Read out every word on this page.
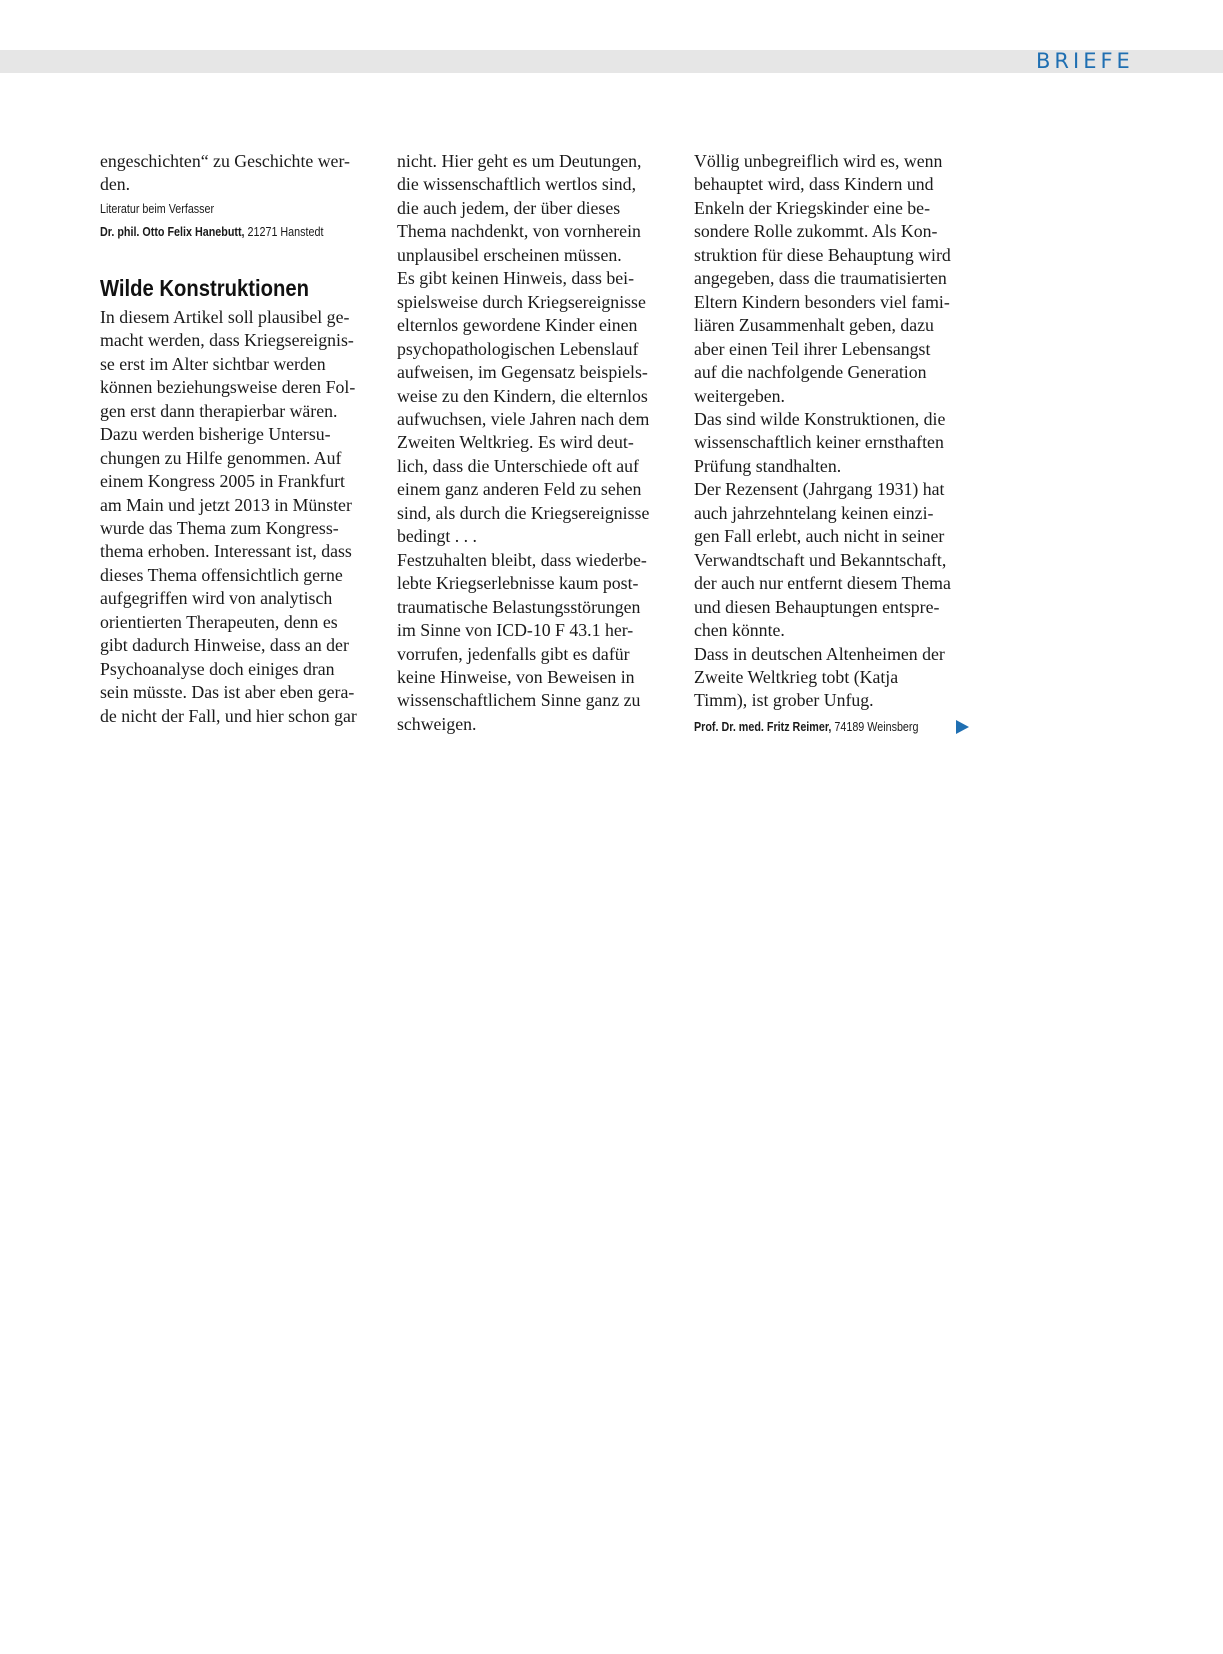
BRIEFE
engeschichten“ zu Geschichte wer-
den.
Literatur beim Verfasser
Dr. phil. Otto Felix Hanebutt, 21271 Hanstedt
Wilde Konstruktionen
In diesem Artikel soll plausibel ge-
macht werden, dass Kriegsereignis-
se erst im Alter sichtbar werden
können beziehungsweise deren Fol-
gen erst dann therapierbar wären.
Dazu werden bisherige Untersu-
chungen zu Hilfe genommen. Auf
einem Kongress 2005 in Frankfurt
am Main und jetzt 2013 in Münster
wurde das Thema zum Kongress-
thema erhoben. Interessant ist, dass
dieses Thema offensichtlich gerne
aufgegriffen wird von analytisch
orientierten Therapeuten, denn es
gibt dadurch Hinweise, dass an der
Psychoanalyse doch einiges dran
sein müsste. Das ist aber eben gera-
de nicht der Fall, und hier schon gar
nicht. Hier geht es um Deutungen,
die wissenschaftlich wertlos sind,
die auch jedem, der über dieses
Thema nachdenkt, von vornherein
unplausibel erscheinen müssen.
Es gibt keinen Hinweis, dass bei-
spielsweise durch Kriegsereignisse
elternlos gewordene Kinder einen
psychopathologischen Lebenslauf
aufweisen, im Gegensatz beispiels-
weise zu den Kindern, die elternlos
aufwuchsen, viele Jahren nach dem
Zweiten Weltkrieg. Es wird deut-
lich, dass die Unterschiede oft auf
einem ganz anderen Feld zu sehen
sind, als durch die Kriegsereignisse
bedingt . . .
Festzuhalten bleibt, dass wiederbe-
lebte Kriegserlebnisse kaum post-
traumatische Belastungsstörungen
im Sinne von ICD-10 F 43.1 her-
vorrufen, jedenfalls gibt es dafür
keine Hinweise, von Beweisen in
wissenschaftlichem Sinne ganz zu
schweigen.
Völlig unbegreiflich wird es, wenn
behauptet wird, dass Kindern und
Enkeln der Kriegskinder eine be-
sondere Rolle zukommt. Als Kon-
struktion für diese Behauptung wird
angegeben, dass die traumatisierten
Eltern Kindern besonders viel fami-
liären Zusammenhalt geben, dazu
aber einen Teil ihrer Lebensangst
auf die nachfolgende Generation
weitergeben.
Das sind wilde Konstruktionen, die
wissenschaftlich keiner ernsthaften
Prüfung standhalten.
Der Rezensent (Jahrgang 1931) hat
auch jahrzehntelang keinen einzi-
gen Fall erlebt, auch nicht in seiner
Verwandtschaft und Bekanntschaft,
der auch nur entfernt diesem Thema
und diesen Behauptungen entspre-
chen könnte.
Dass in deutschen Altenheimen der
Zweite Weltkrieg tobt (Katja
Timm), ist grober Unfug.
Prof. Dr. med. Fritz Reimer, 74189 Weinsberg
